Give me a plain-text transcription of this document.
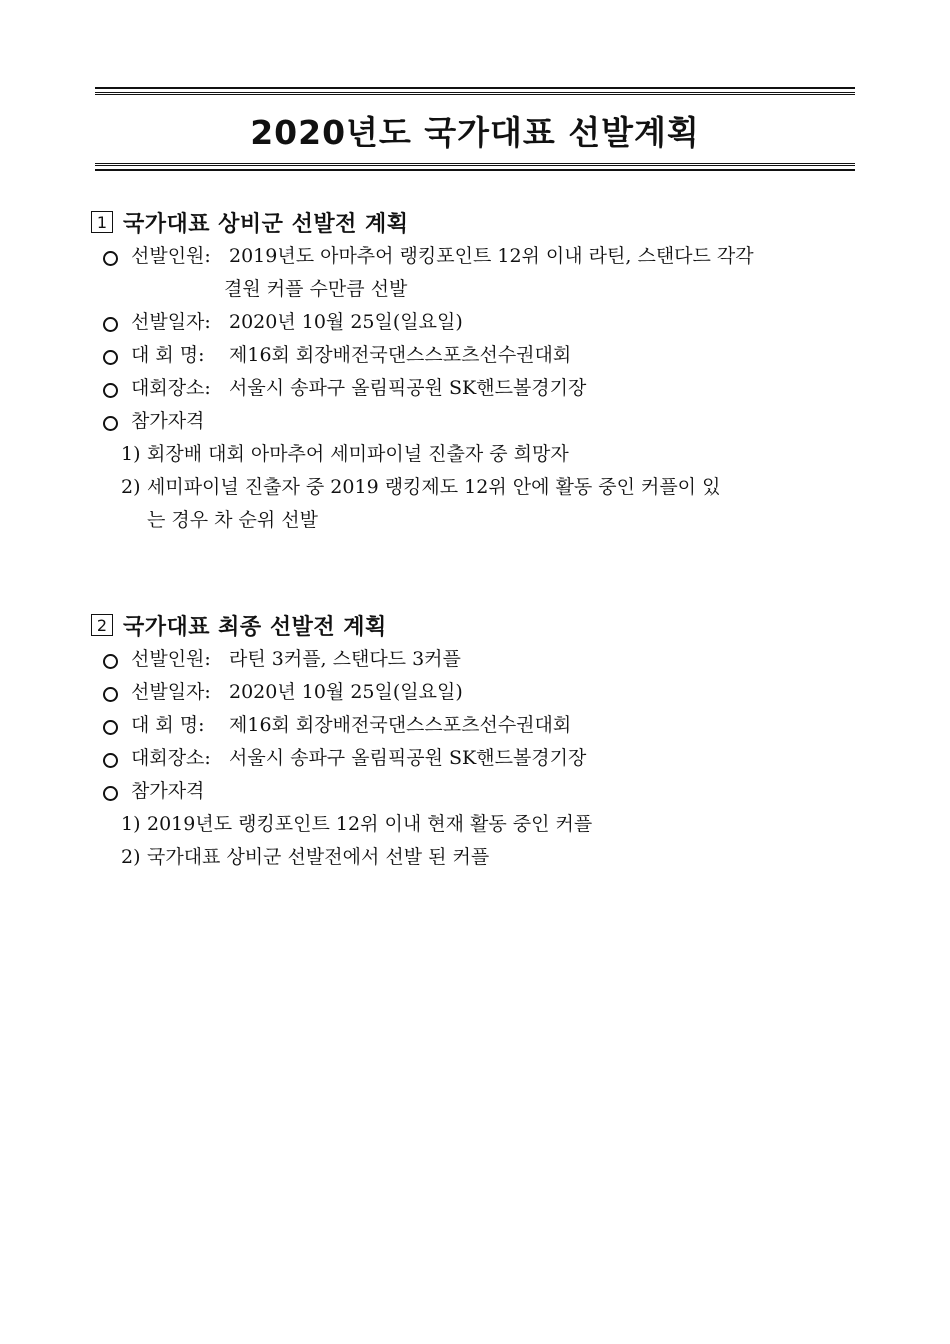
2020년도 국가대표 선발계획
1 국가대표 상비군 선발전 계획
선발인원: 2019년도 아마추어 랭킹포인트 12위 이내 라틴, 스탠다드 각각
결원 커플 수만큼 선발
선발일자: 2020년 10월 25일(일요일)
대 회 명: 제16회 회장배전국댄스스포츠선수권대회
대회장소: 서울시 송파구 올림픽공원 SK핸드볼경기장
참가자격
1) 회장배 대회 아마추어 세미파이널 진출자 중 희망자
2) 세미파이널 진출자 중 2019 랭킹제도 12위 안에 활동 중인 커플이 있
는 경우 차 순위 선발
2 국가대표 최종 선발전 계획
선발인원: 라틴 3커플, 스탠다드 3커플
선발일자: 2020년 10월 25일(일요일)
대 회 명: 제16회 회장배전국댄스스포츠선수권대회
대회장소: 서울시 송파구 올림픽공원 SK핸드볼경기장
참가자격
1) 2019년도 랭킹포인트 12위 이내 현재 활동 중인 커플
2) 국가대표 상비군 선발전에서 선발 된 커플
